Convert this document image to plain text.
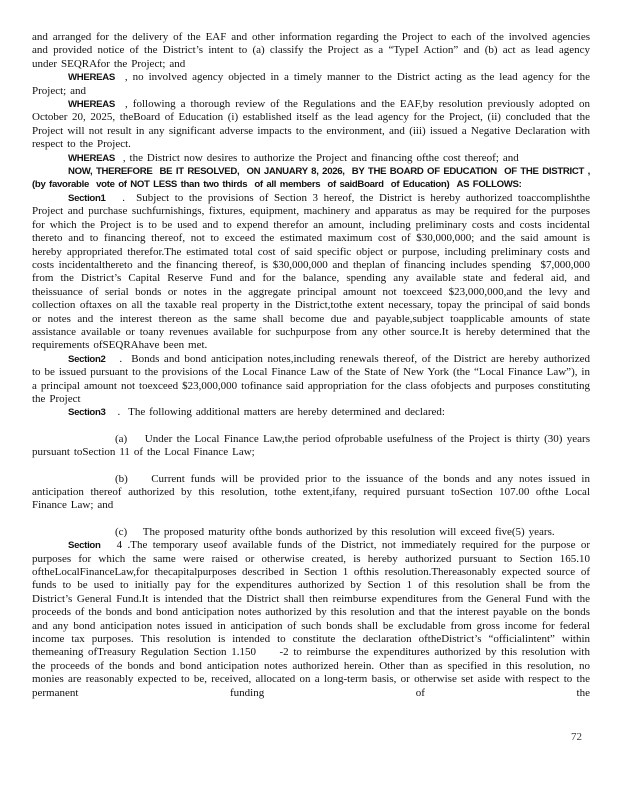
and arranged for the delivery of the EAF and other information regarding the Project to each of the involved agencies and provided notice of the District’s intent to (a) classify the Project as a “TypeI Action” and (b) act as lead agency under SEQRAfor the Project; and

WHEREAS  , no involved agency objected in a timely manner to the District acting as the lead agency for the Project; and

WHEREAS  , following a thorough review of the Regulations and the EAF,by resolution previously adopted on October 20, 2025, theBoard of Education (i) established itself as the lead agency for the Project, (ii) concluded that the Project will not result in any significant adverse impacts to the environment, and (iii) issued a Negative Declaration with respect to the Project.

WHEREAS  , the District now desires to authorize the Project and financing ofthe cost thereof; and

NOW, THEREFORE  BE IT RESOLVED,  ON JANUARY 8, 2026,  BY THE BOARD OF EDUCATION  OF THE DISTRICT , (by favorable  vote of NOT LESS than two thirds  of all members  of saidBoard  of Education)  AS FOLLOWS:

Section1   .  Subject to the provisions of Section 3 hereof, the District is hereby authorized toaccomplishthe Project and purchase suchfurnishings, fixtures, equipment, machinery and apparatus as may be required for the purposes for which the Project is to be used and to expend therefor an amount, including preliminary costs and costs incidental thereto and to financing thereof, not to exceed the estimated maximum cost of $30,000,000; and the said amount is hereby appropriated therefor.The estimated total cost of said specific object or purpose, including preliminary costs and costs incidentalthereto and the financing thereof, is $30,000,000 and theplan of financing includes spending  $7,000,000 from the District’s Capital Reserve Fund and for the balance, spending any available state and federal aid, and theissuance of serial bonds or notes in the aggregate principal amount not toexceed $23,000,000,and the levy and collection oftaxes on all the taxable real property in the District,tothe extent necessary, topay the principal of said bonds or notes and the interest thereon as the same shall become due and payable,subject toapplicable amounts of state assistance available or toany revenues available for suchpurpose from any other source.It is hereby determined that the requirements ofSEQRAhave been met.

Section2   .  Bonds and bond anticipation notes,including renewals thereof, of the District are hereby authorized to be issued pursuant to the provisions of the Local Finance Law of the State of New York (the “Local Finance Law”), in a principal amount not toexceed $23,000,000 tofinance said appropriation for the class ofobjects and purposes constituting the Project

Section3   .  The following additional matters are hereby determined and declared:

(a)    Under the Local Finance Law,the period ofprobable usefulness of the Project is thirty (30) years pursuant toSection 11 of the Local Finance Law;

(b)    Current funds will be provided prior to the issuance of the bonds and any notes issued in anticipation thereof authorized by this resolution, tothe extent,ifany, required pursuant toSection 107.00 ofthe Local Finance Law; and

(c)    The proposed maturity ofthe bonds authorized by this resolution will exceed five(5) years.

Section   4 .The temporary useof available funds of the District, not immediately required for the purpose or purposes for which the same were raised or otherwise created, is hereby authorized pursuant to Section 165.10 oftheLocalFinanceLaw,for thecapitalpurposes described in Section 1 ofthis resolution.Thereasonably expected source of funds to be used to initially pay for the expenditures authorized by Section 1 of this resolution shall be from the District’s General Fund.It is intended that the District shall then reimburse expenditures from the General Fund with the proceeds of the bonds and bond anticipation notes authorized by this resolution and that the interest payable on the bonds and any bond anticipation notes issued in anticipation of such bonds shall be excludable from gross income for federal income tax purposes. This resolution is intended to constitute the declaration oftheDistrict’s “officialintent” within themeaning ofTreasury Regulation Section 1.150     -2 to reimburse the expenditures authorized by this resolution with the proceeds of the bonds and bond anticipation notes authorized herein. Other than as specified in this resolution, no monies are reasonably expected to be, received, allocated on a long-term basis, or otherwise set aside with respect to the permanent funding of the

72
